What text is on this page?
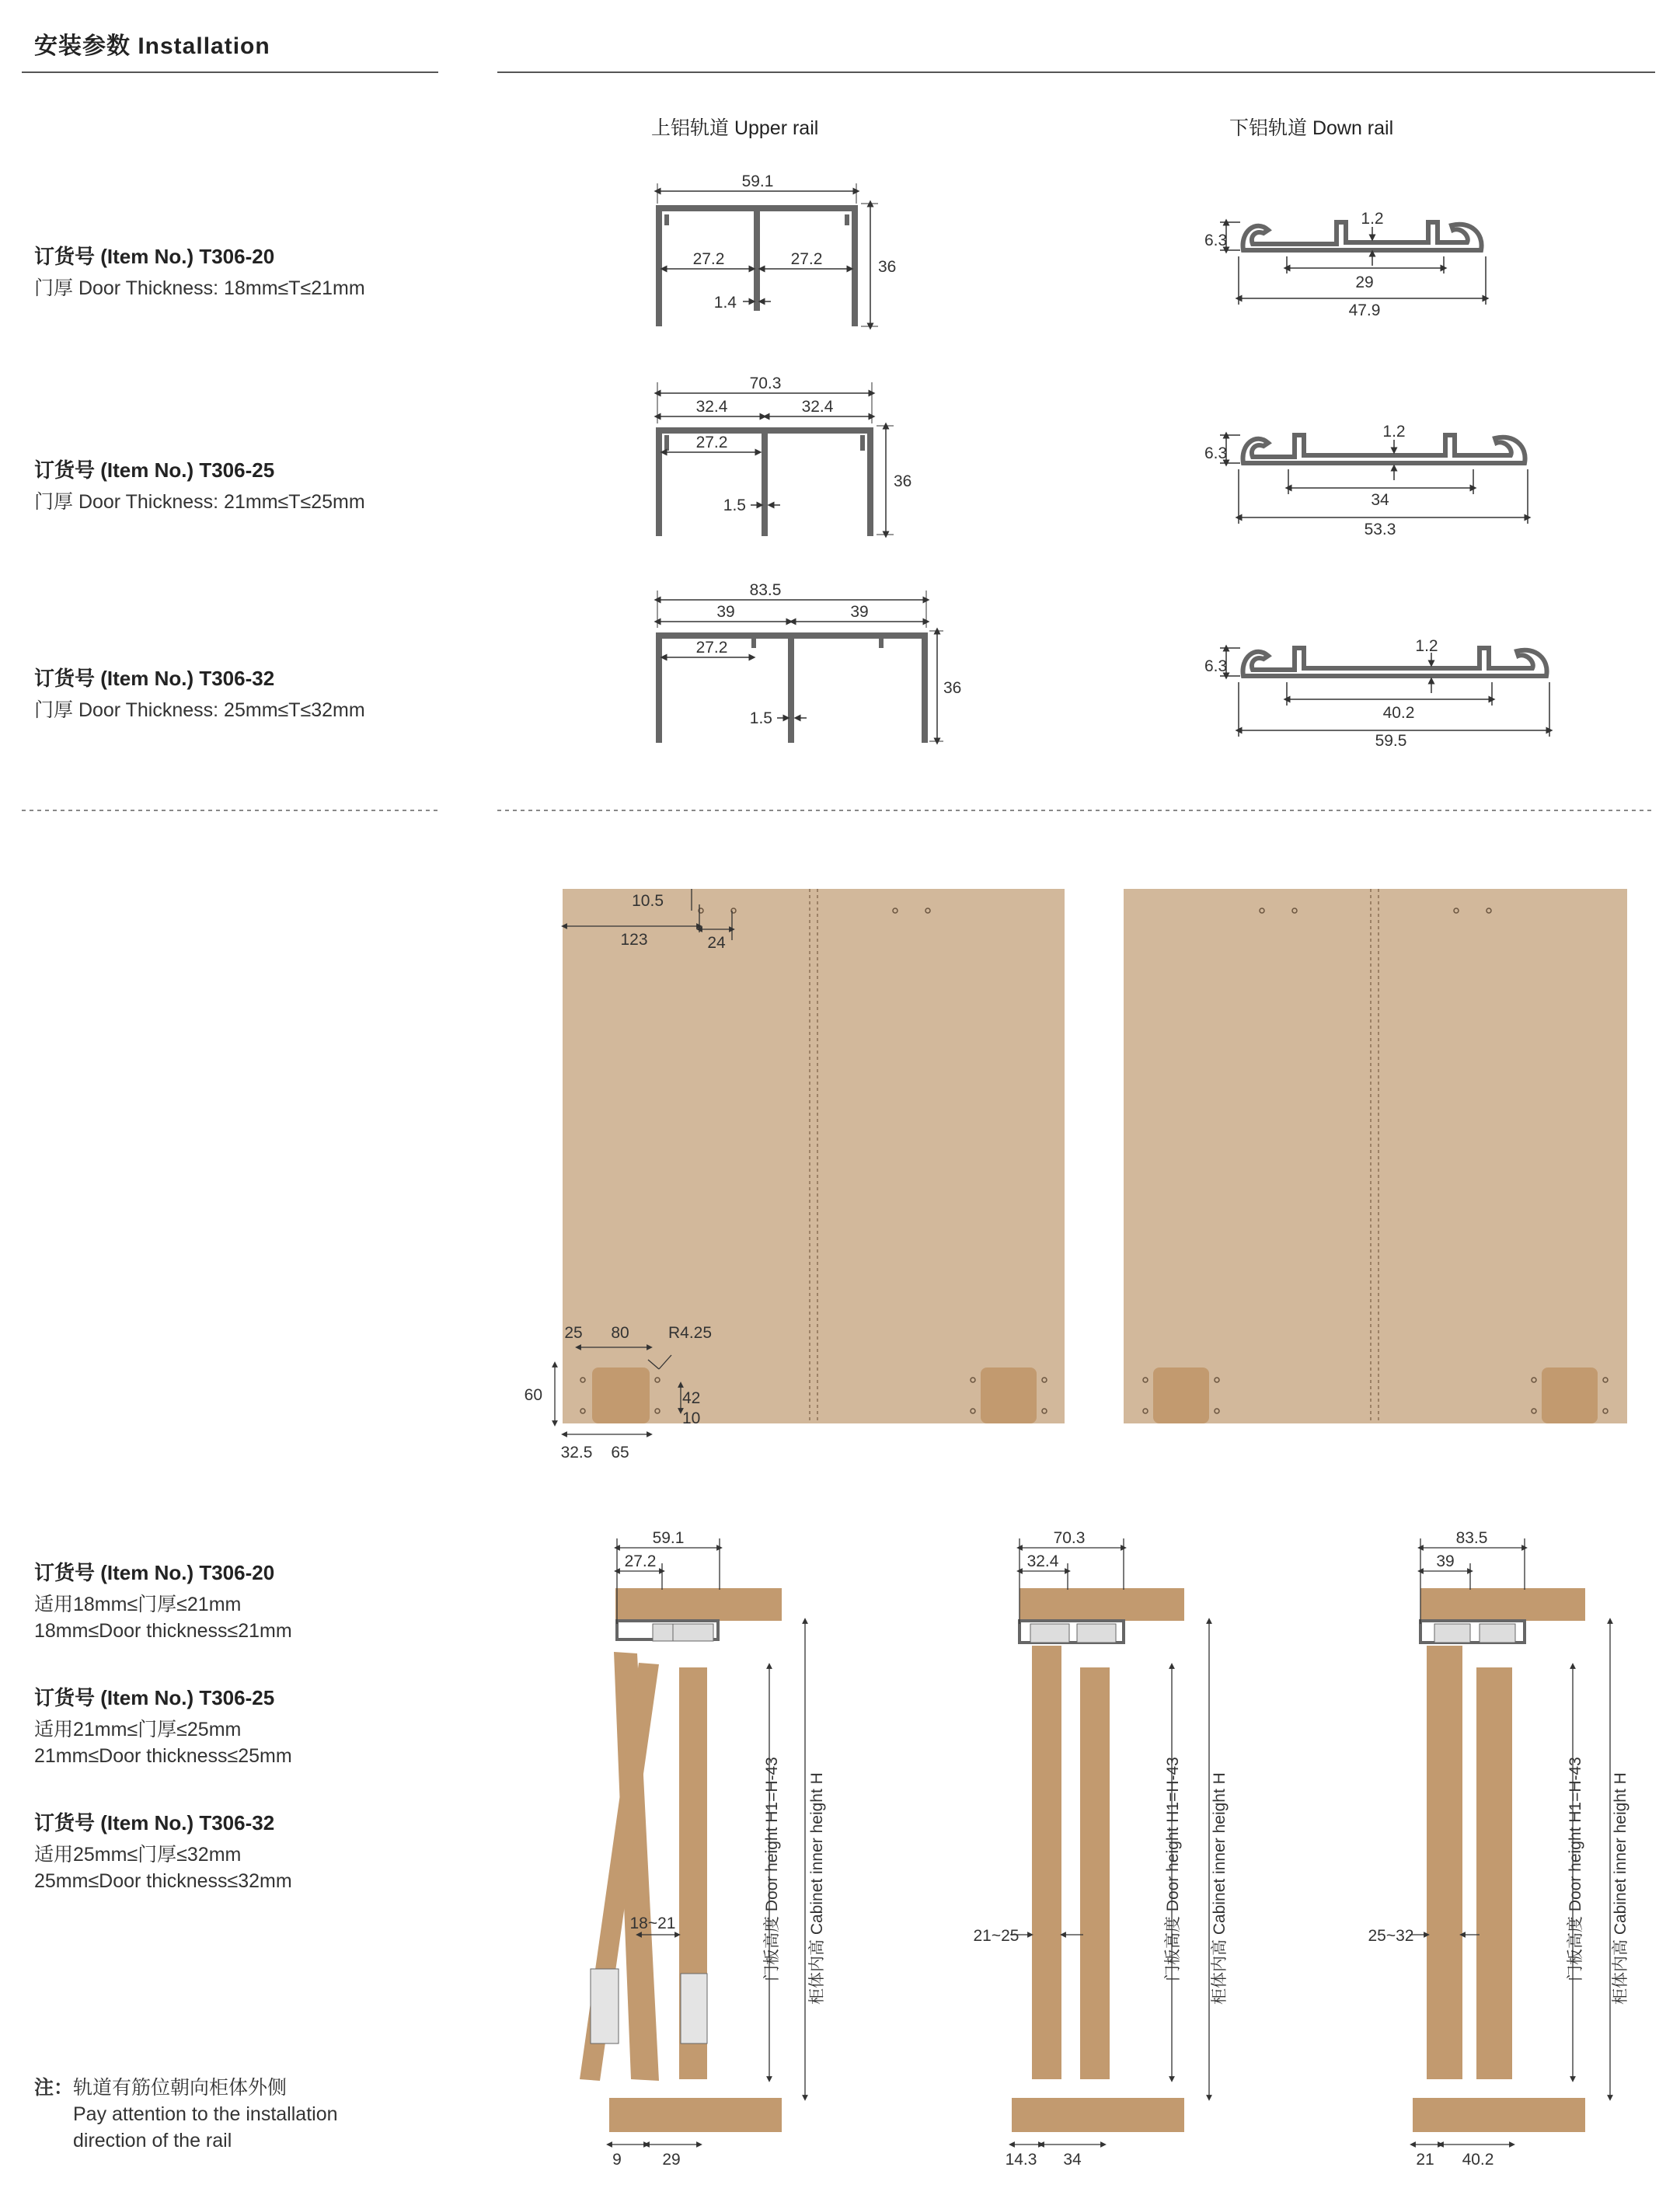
安装参数 Installation
上铝轨道 Upper rail	下铝轨道 Down rail
订货号 (Item No.) T306-20
门厚 Door Thickness: 18mm≤T≤21mm
订货号 (Item No.) T306-25
门厚 Door Thickness: 21mm≤T≤25mm
订货号 (Item No.) T306-32
门厚 Door Thickness: 25mm≤T≤32mm
59.1
27.2	27.2	36
1.4
70.3
32.4	32.4
27.2
36
1.5
83.5
39	39
27.2
36
1.5
6.3
1.2
29
47.9
6.3
1.2
34
53.3
6.3
1.2
40.2
59.5
10.5
123	24
25 80 R4.25
60	42
10
32.5 65
订货号 (Item No.) T306-20
适用18mm≤门厚≤21mm
18mm≤Door thickness≤21mm
订货号 (Item No.) T306-25
适用21mm≤门厚≤25mm
21mm≤Door thickness≤25mm
订货号 (Item No.) T306-32
适用25mm≤门厚≤32mm
25mm≤Door thickness≤32mm
注：轨道有筋位朝向柜体外侧
Pay attention to the installation
direction of the rail
59.1
27.2
18~21
9 29
门板高度 Door height H1=H-43 柜体内高 Cabinet inner height H
70.3
32.4
21~25
14.3 34
门板高度 Door height H1=H-43 柜体内高 Cabinet inner height H
83.5
39
25~32
21 40.2
门板高度 Door height H1=H-43 柜体内高 Cabinet inner height H
